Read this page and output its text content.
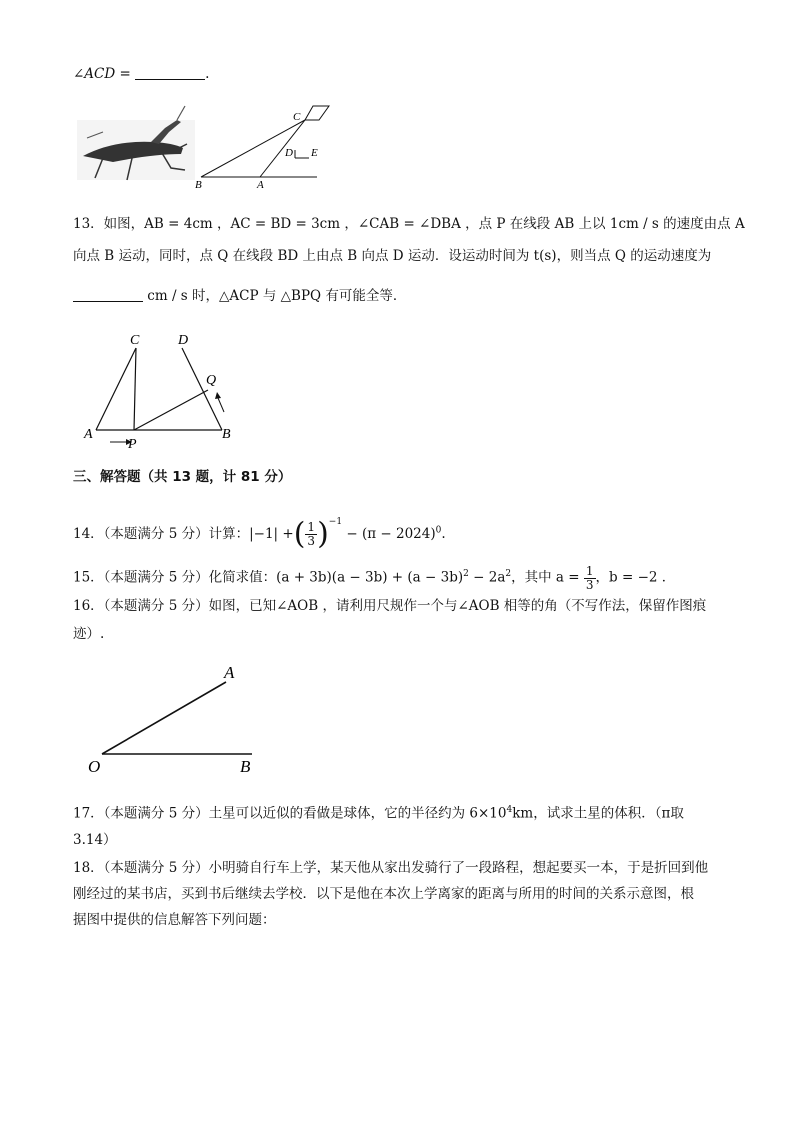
∠ACD =	.
B	A
C
D E
13．如图，AB = 4cm ，AC = BD = 3cm ，∠CAB = ∠DBA ，点 P 在线段 AB 上以 1cm / s 的速度由点 A
向点 B 运动，同时，点 Q 在线段 BD 上由点 B 向点 D 运动．设运动时间为 t(s)，则当点 Q 的运动速度为
cm / s 时，△ACP 与 △BPQ 有可能全等．
A	B
C	D
P
Q
三、解答题（共 13 题，计 81 分）
14．（本题满分 5 分）计算：|−1| +( $\frac{1}{3} )^{-1} - (\pi - 2024)^0$.
15．（本题满分 5 分）化简求值：$(a + 3b)(a - 3b) + (a - 3b)^2 - 2a^2$，其中 $a = \frac{1}{3}$ ，b = −2 ．
16．（本题满分 5 分）如图，已知∠AOB ，请利用尺规作一个与∠AOB 相等的角（不写作法，保留作图痕
迹）.
O
A
B
17．（本题满分 5 分）土星可以近似的看做是球体，它的半径约为 $6\times 10^4km$，试求土星的体积．（π取
3.14）
18．（本题满分 5 分）小明骑自行车上学，某天他从家出发骑行了一段路程，想起要买一本，于是折回到他
刚经过的某书店，买到书后继续去学校．以下是他在本次上学离家的距离与所用的时间的关系示意图，根
据图中提供的信息解答下列问题：
